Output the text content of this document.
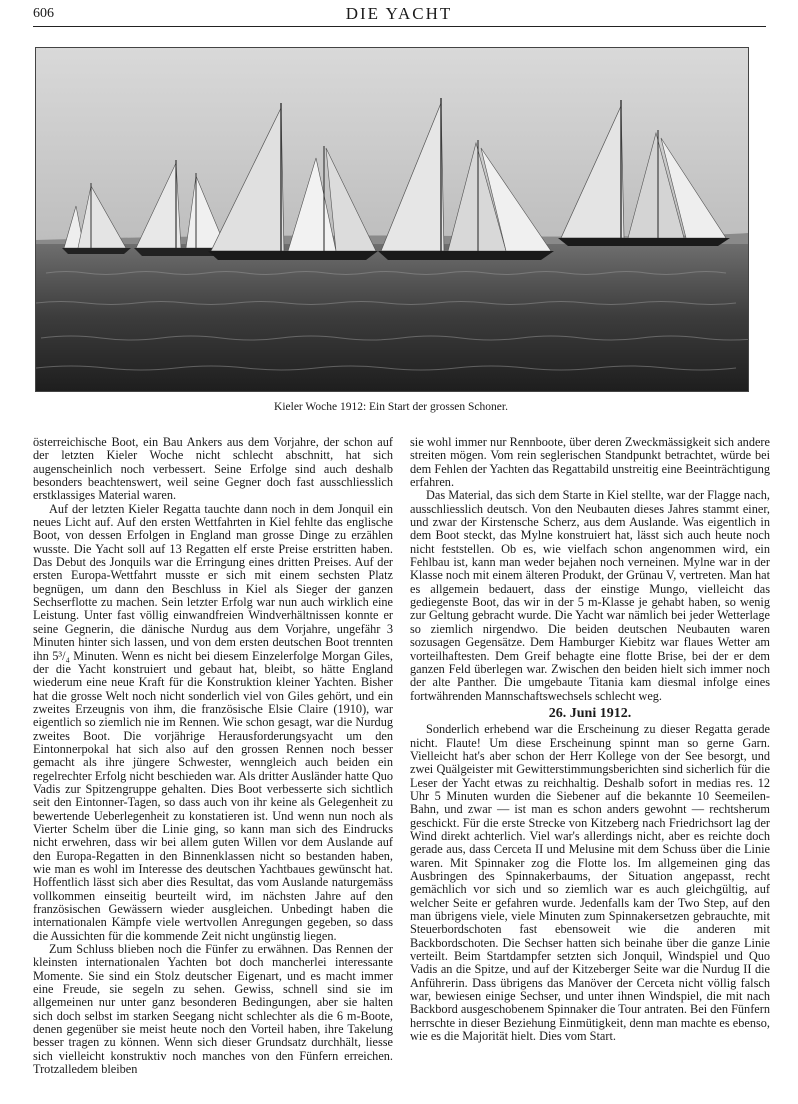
606	DIE YACHT
Kieler Woche 1912: Ein Start der grossen Schoner.

österreichische Boot, ein Bau Ankers aus dem Vorjahre, der schon auf der letzten Kieler Woche nicht schlecht abschnitt, hat sich augenscheinlich noch verbessert. Seine Erfolge sind auch deshalb besonders beachtenswert, weil seine Gegner doch fast ausschliesslich erstklassiges Material waren.

Auf der letzten Kieler Regatta tauchte dann noch in dem Jonquil ein neues Licht auf. Auf den ersten Wettfahrten in Kiel fehlte das englische Boot, von dessen Erfolgen in England man grosse Dinge zu erzählen wusste. Die Yacht soll auf 13 Regatten elf erste Preise erstritten haben. Das Debut des Jonquils war die Erringung eines dritten Preises. Auf der ersten Europa-Wettfahrt musste er sich mit einem sechsten Platz begnügen, um dann den Beschluss in Kiel als Sieger der ganzen Sechserflotte zu machen. Sein letzter Erfolg war nun auch wirklich eine Leistung. Unter fast völlig einwandfreien Windverhältnissen konnte er seine Gegnerin, die dänische Nurdug aus dem Vorjahre, ungefähr 3 Minuten hinter sich lassen, und von dem ersten deutschen Boot trennten ihn 5³/₄ Minuten. Wenn es nicht bei diesem Einzelerfolge Morgan Giles, der die Yacht konstruiert und gebaut hat, bleibt, so hätte England wiederum eine neue Kraft für die Konstruktion kleiner Yachten. Bisher hat die grosse Welt noch nicht sonderlich viel von Giles gehört, und ein zweites Erzeugnis von ihm, die französische Elsie Claire (1910), war eigentlich so ziemlich nie im Rennen. Wie schon gesagt, war die Nurdug zweites Boot. Die vorjährige Herausforderungsyacht um den Eintonnerpokal hat sich also auf den grossen Rennen noch besser gemacht als ihre jüngere Schwester, wenngleich auch beiden ein regelrechter Erfolg nicht beschieden war. Als dritter Ausländer hatte Quo Vadis zur Spitzengruppe gehalten. Dies Boot verbesserte sich sichtlich seit den Eintonner-Tagen, so dass auch von ihr keine als Gelegenheit zu bewertende Ueberlegenheit zu konstatieren ist. Und wenn nun noch als Vierter Schelm über die Linie ging, so kann man sich des Eindrucks nicht erwehren, dass wir bei allem guten Willen vor dem Auslande auf den Europa-Regatten in den Binnenklassen nicht so bestanden haben, wie man es wohl im Interesse des deutschen Yachtbaues gewünscht hat. Hoffentlich lässt sich aber dies Resultat, das vom Auslande naturgemäss vollkommen einseitig beurteilt wird, im nächsten Jahre auf den französischen Gewässern wieder ausgleichen. Unbedingt haben die internationalen Kämpfe viele wertvollen Anregungen gegeben, so dass die Aussichten für die kommende Zeit nicht ungünstig liegen.

Zum Schluss blieben noch die Fünfer zu erwähnen. Das Rennen der kleinsten internationalen Yachten bot doch mancherlei interessante Momente. Sie sind ein Stolz deutscher Eigenart, und es macht immer eine Freude, sie segeln zu sehen. Gewiss, schnell sind sie im allgemeinen nur unter ganz besonderen Bedingungen, aber sie halten sich doch selbst im starken Seegang nicht schlechter als die 6 m-Boote, denen gegenüber sie meist heute noch den Vorteil haben, ihre Takelung besser tragen zu können. Wenn sich dieser Grundsatz durchhält, liesse sich vielleicht konstruktiv noch manches von den Fünfern erreichen. Trotzalledem bleiben

sie wohl immer nur Rennboote, über deren Zweckmässigkeit sich andere streiten mögen. Vom rein seglerischen Standpunkt betrachtet, würde bei dem Fehlen der Yachten das Regattabild unstreitig eine Beeinträchtigung erfahren.

Das Material, das sich dem Starte in Kiel stellte, war der Flagge nach, ausschliesslich deutsch. Von den Neubauten dieses Jahres stammt einer, und zwar der Kirstensche Scherz, aus dem Auslande. Was eigentlich in dem Boot steckt, das Mylne konstruiert hat, lässt sich auch heute noch nicht feststellen. Ob es, wie vielfach schon angenommen wird, ein Fehlbau ist, kann man weder bejahen noch verneinen. Mylne war in der Klasse noch mit einem älteren Produkt, der Grünau V, vertreten. Man hat es allgemein bedauert, dass der einstige Mungo, vielleicht das gediegenste Boot, das wir in der 5 m-Klasse je gehabt haben, so wenig zur Geltung gebracht wurde. Die Yacht war nämlich bei jeder Wetterlage so ziemlich nirgendwo. Die beiden deutschen Neubauten waren sozusagen Gegensätze. Dem Hamburger Kiebitz war flaues Wetter am vorteilhaftesten. Dem Greif behagte eine flotte Brise, bei der er dem ganzen Feld überlegen war. Zwischen den beiden hielt sich immer noch der alte Panther. Die umgebaute Titania kam diesmal infolge eines fortwährenden Mannschaftswechsels schlecht weg.

26. Juni 1912.

Sonderlich erhebend war die Erscheinung zu dieser Regatta gerade nicht. Flaute! Um diese Erscheinung spinnt man so gerne Garn. Vielleicht hat's aber schon der Herr Kollege von der See besorgt, und zwei Quälgeister mit Gewitterstimmungsberichten sind sicherlich für die Leser der Yacht etwas zu reichhaltig. Deshalb sofort in medias res. 12 Uhr 5 Minuten wurden die Siebener auf die bekannte 10 Seemeilen-Bahn, und zwar — ist man es schon anders gewohnt — rechtsherum geschickt. Für die erste Strecke von Kitzeberg nach Friedrichsort lag der Wind direkt achterlich. Viel war's allerdings nicht, aber es reichte doch gerade aus, dass Cerceta II und Melusine mit dem Schuss über die Linie waren. Mit Spinnaker zog die Flotte los. Im allgemeinen ging das Ausbringen des Spinnakerbaums, der Situation angepasst, recht gemächlich vor sich und so ziemlich war es auch gleichgültig, auf welcher Seite er gefahren wurde. Jedenfalls kam der Two Step, auf den man übrigens viele, viele Minuten zum Spinnakersetzen gebrauchte, mit Steuerbordschoten fast ebensoweit wie die anderen mit Backbordschoten. Die Sechser hatten sich beinahe über die ganze Linie verteilt. Beim Startdampfer setzten sich Jonquil, Windspiel und Quo Vadis an die Spitze, und auf der Kitzeberger Seite war die Nurdug II die Anführerin. Dass übrigens das Manöver der Cerceta nicht völlig falsch war, bewiesen einige Sechser, und unter ihnen Windspiel, die mit nach Backbord ausgeschobenem Spinnaker die Tour antraten. Bei den Fünfern herrschte in dieser Beziehung Einmütigkeit, denn man machte es ebenso, wie es die Majorität hielt. Dies vom Start.
